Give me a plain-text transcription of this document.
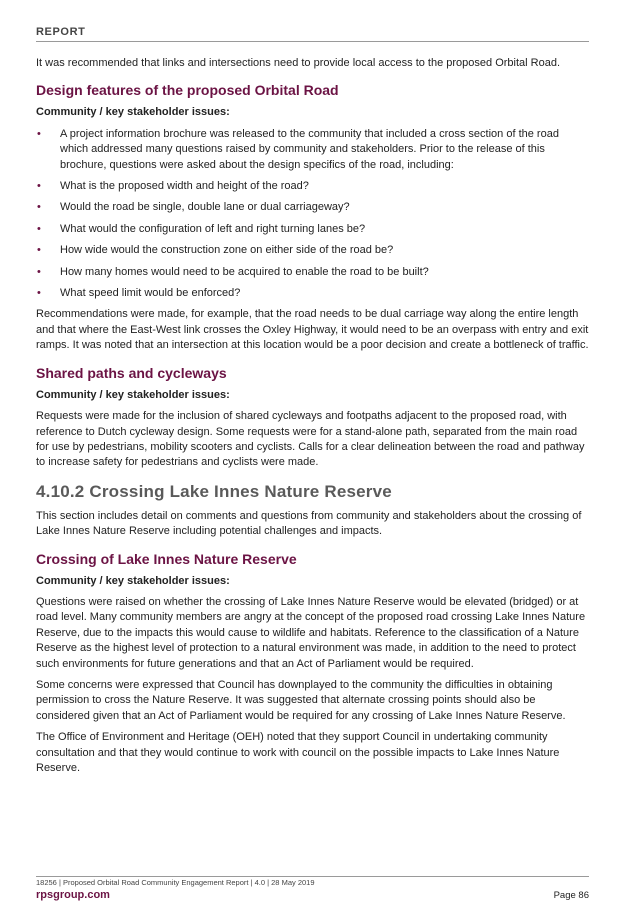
REPORT

It was recommended that links and intersections need to provide local access to the proposed Orbital Road.

Design features of the proposed Orbital Road

Community / key stakeholder issues:

• A project information brochure was released to the community that included a cross section of the road which addressed many questions raised by community and stakeholders. Prior to the release of this brochure, questions were asked about the design specifics of the road, including:
• What is the proposed width and height of the road?
• Would the road be single, double lane or dual carriageway?
• What would the configuration of left and right turning lanes be?
• How wide would the construction zone on either side of the road be?
• How many homes would need to be acquired to enable the road to be built?
• What speed limit would be enforced?

Recommendations were made, for example, that the road needs to be dual carriage way along the entire length and that where the East-West link crosses the Oxley Highway, it would need to be an overpass with entry and exit ramps. It was noted that an intersection at this location would be a poor decision and create a bottleneck of traffic.

Shared paths and cycleways

Community / key stakeholder issues:

Requests were made for the inclusion of shared cycleways and footpaths adjacent to the proposed road, with reference to Dutch cycleway design. Some requests were for a stand-alone path, separated from the main road for use by pedestrians, mobility scooters and cyclists. Calls for a clear delineation between the road and pathway to increase safety for pedestrians and cyclists were made.

4.10.2 Crossing Lake Innes Nature Reserve

This section includes detail on comments and questions from community and stakeholders about the crossing of Lake Innes Nature Reserve including potential challenges and impacts.

Crossing of Lake Innes Nature Reserve

Community / key stakeholder issues:

Questions were raised on whether the crossing of Lake Innes Nature Reserve would be elevated (bridged) or at road level. Many community members are angry at the concept of the proposed road crossing Lake Innes Nature Reserve, due to the impacts this would cause to wildlife and habitats. Reference to the classification of a Nature Reserve as the highest level of protection to a natural environment was made, in addition to the need to protect such environments for future generations and that an Act of Parliament would be required.

Some concerns were expressed that Council has downplayed to the community the difficulties in obtaining permission to cross the Nature Reserve. It was suggested that alternate crossing points should also be considered given that an Act of Parliament would be required for any crossing of Lake Innes Nature Reserve.

The Office of Environment and Heritage (OEH) noted that they support Council in undertaking community consultation and that they would continue to work with council on the possible impacts to Lake Innes Nature Reserve.

18256 | Proposed Orbital Road Community Engagement Report | 4.0 | 28 May 2019
rpsgroup.com	Page 86
